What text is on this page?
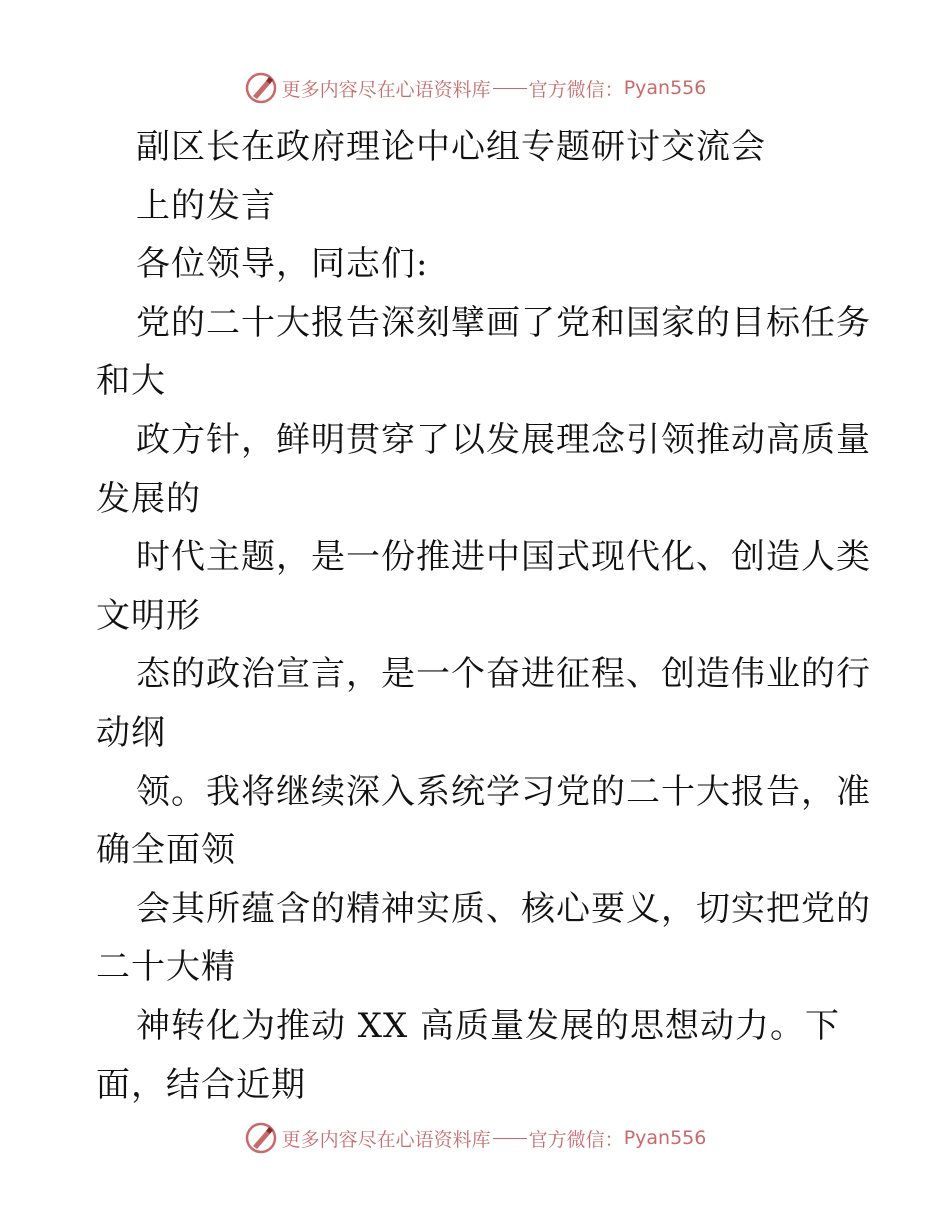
更多内容尽在心语资料库 官方微信： Pyan556
副区长在政府理论中心组专题研讨交流会
上的发言
各位领导，同志们:
党的二十大报告深刻擘画了党和国家的目标任务
和大
政方针，鲜明贯穿了以发展理念引领推动高质量
发展的
时代主题，是一份推进中国式现代化、创造人类
文明形
态的政治宣言，是一个奋进征程、创造伟业的行
动纲
领。我将继续深入系统学习党的二十大报告，准
确全面领
会其所蕴含的精神实质、核心要义，切实把党的
二十大精
神转化为推动 XX 高质量发展的思想动力。下
面，结合近期
更多内容尽在心语资料库 官方微信： Pyan556
